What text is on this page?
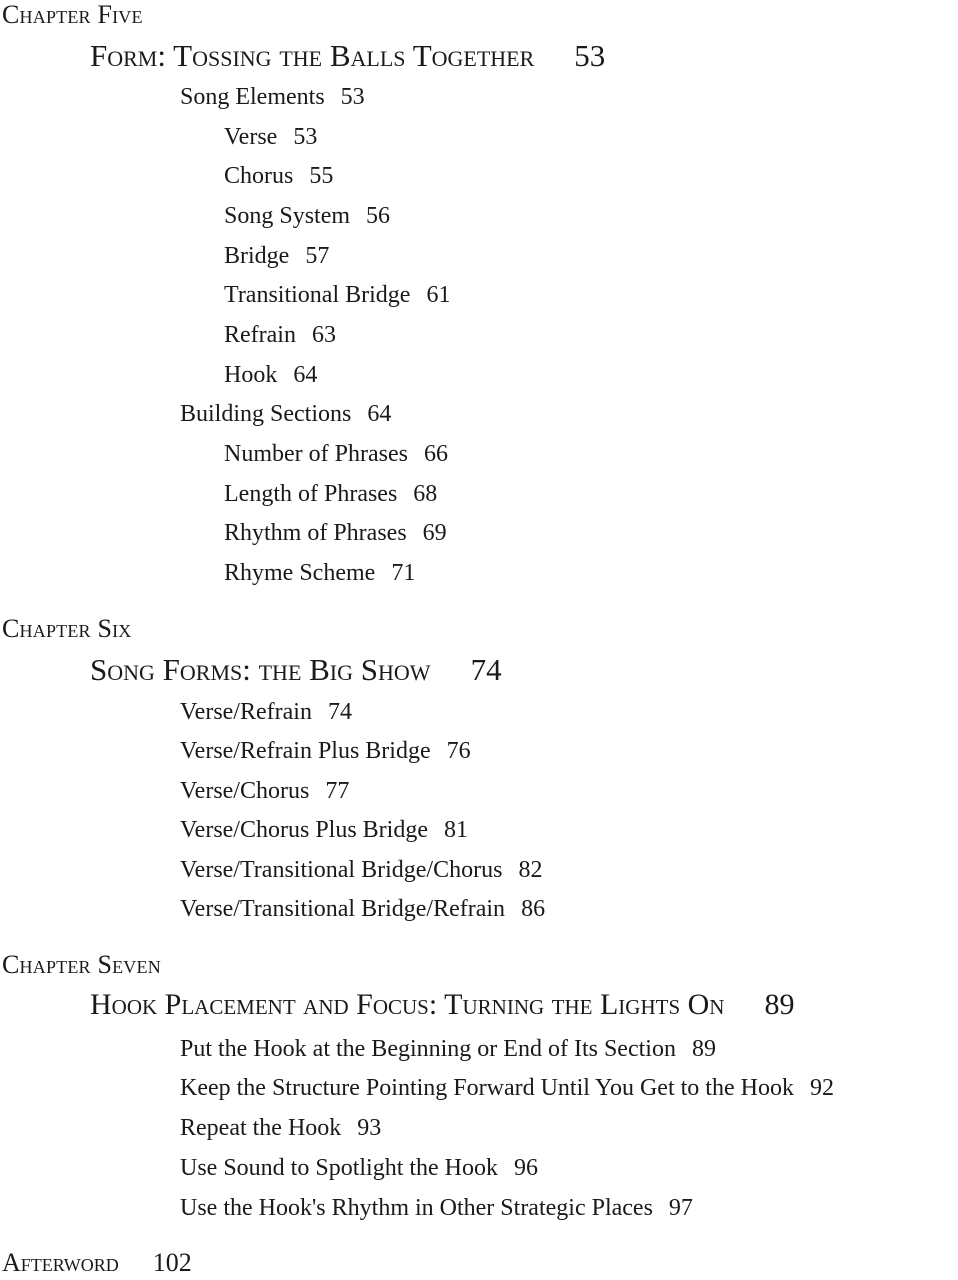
Chapter Five
Form: Tossing the Balls Together 53
Song Elements 53
Verse 53
Chorus 55
Song System 56
Bridge 57
Transitional Bridge 61
Refrain 63
Hook 64
Building Sections 64
Number of Phrases 66
Length of Phrases 68
Rhythm of Phrases 69
Rhyme Scheme 71
Chapter Six
Song Forms: the Big Show 74
Verse/Refrain 74
Verse/Refrain Plus Bridge 76
Verse/Chorus 77
Verse/Chorus Plus Bridge 81
Verse/Transitional Bridge/Chorus 82
Verse/Transitional Bridge/Refrain 86
Chapter Seven
Hook Placement and Focus: Turning the Lights On 89
Put the Hook at the Beginning or End of Its Section 89
Keep the Structure Pointing Forward Until You Get to the Hook 92
Repeat the Hook 93
Use Sound to Spotlight the Hook 96
Use the Hook's Rhythm in Other Strategic Places 97
Afterword 102
